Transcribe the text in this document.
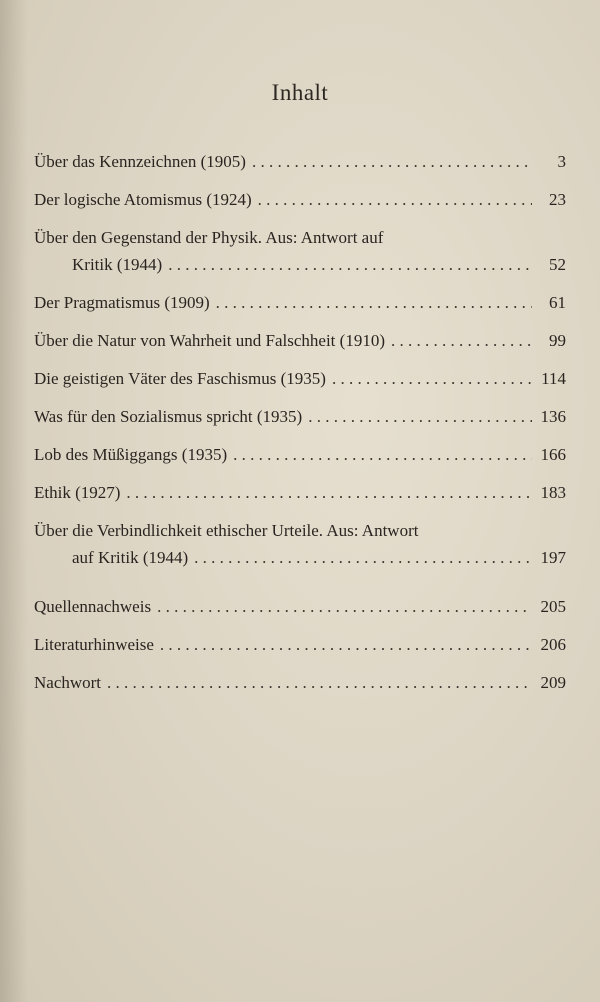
Inhalt
Über das Kennzeichnen (1905) . . .	3
Der logische Atomismus (1924) . . .	23
Über den Gegenstand der Physik. Aus: Antwort auf
Kritik (1944) . . .	52
Der Pragmatismus (1909) . . .	61
Über die Natur von Wahrheit und Falschheit (1910) . . .	99
Die geistigen Väter des Faschismus (1935) . . .	114
Was für den Sozialismus spricht (1935) . . .	136
Lob des Müßiggangs (1935) . . .	166
Ethik (1927) . . .	183
Über die Verbindlichkeit ethischer Urteile. Aus: Antwort
auf Kritik (1944) . . .	197
Quellennachweis . . .	205
Literaturhinweise . . .	206
Nachwort . . .	209
